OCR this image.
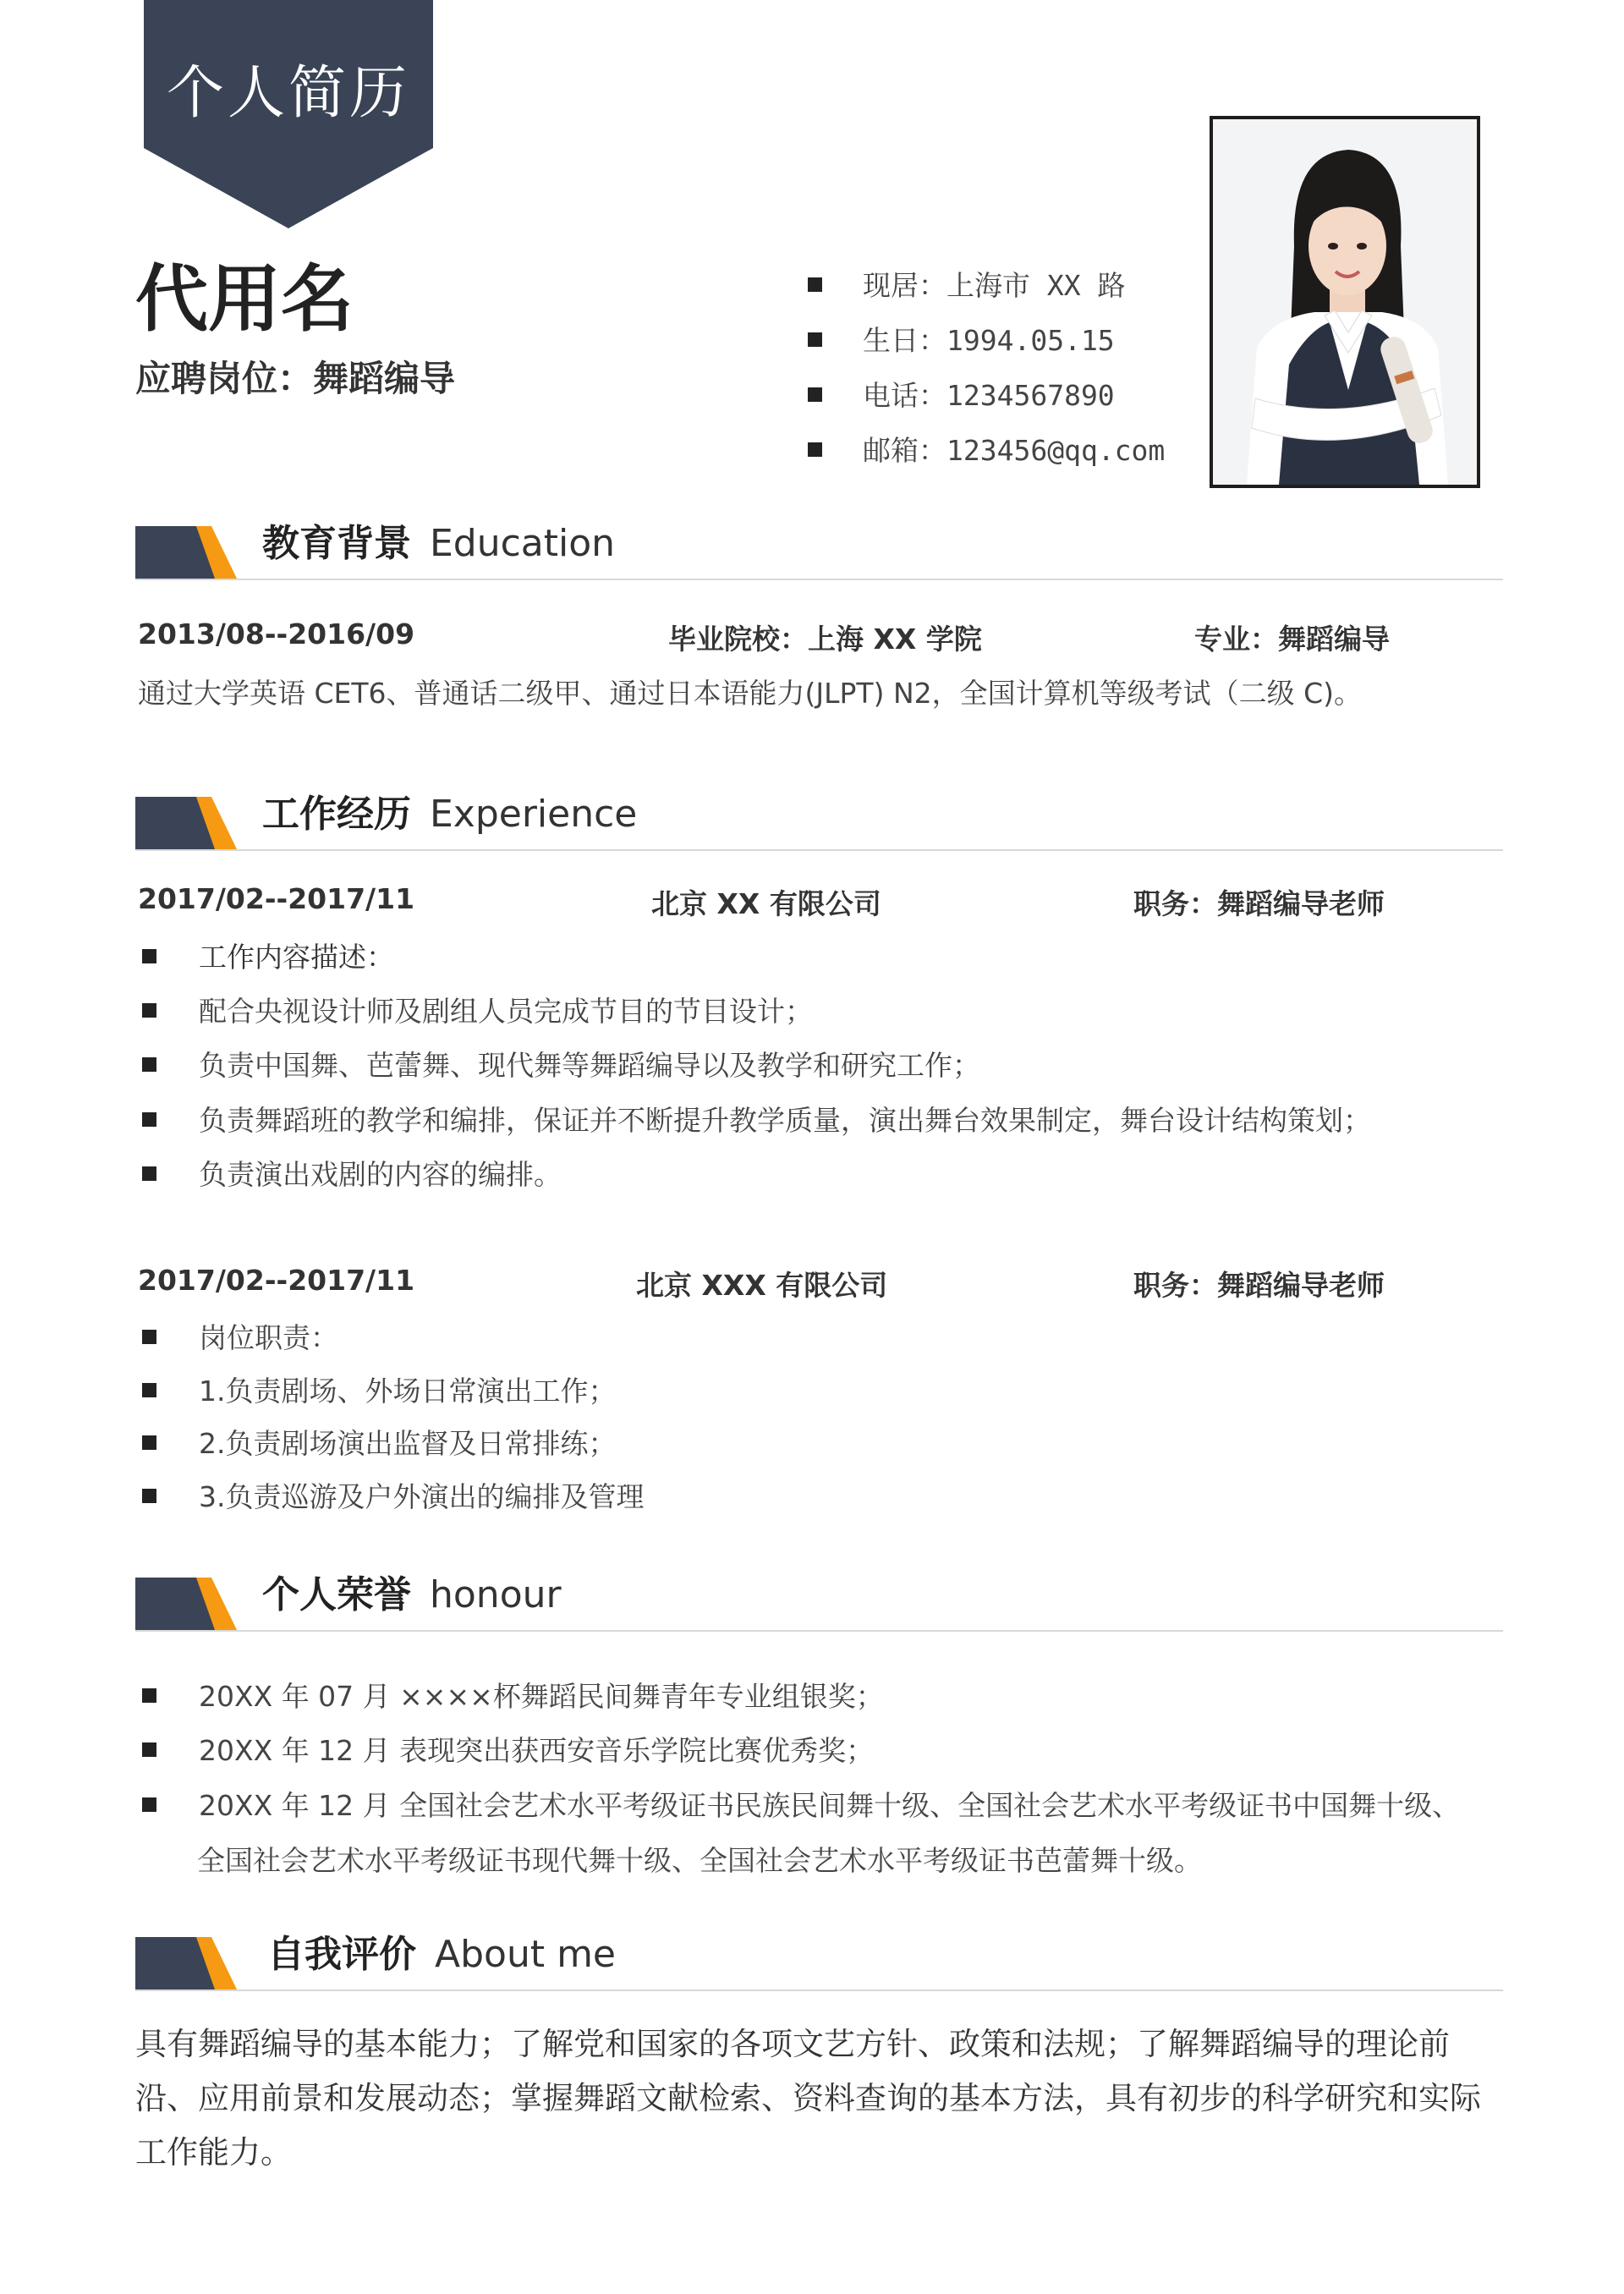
个人简历
代用名
应聘岗位：舞蹈编导
现居：上海市 XX 路
生日：1994.05.15
电话：1234567890
邮箱：123456@qq.com
教育背景 Education
2013/08--2016/09	毕业院校：上海 XX 学院	专业：舞蹈编导
通过大学英语 CET6、普通话二级甲、通过日本语能力(JLPT) N2，全国计算机等级考试（二级 C)。
工作经历 Experience
2017/02--2017/11	北京 XX 有限公司	职务：舞蹈编导老师
工作内容描述：
配合央视设计师及剧组人员完成节目的节目设计；
负责中国舞、芭蕾舞、现代舞等舞蹈编导以及教学和研究工作；
负责舞蹈班的教学和编排，保证并不断提升教学质量，演出舞台效果制定，舞台设计结构策划；
负责演出戏剧的内容的编排。
2017/02--2017/11	北京 XXX 有限公司	职务：舞蹈编导老师
岗位职责：
1.负责剧场、外场日常演出工作；
2.负责剧场演出监督及日常排练；
3.负责巡游及户外演出的编排及管理
个人荣誉 honour
20XX 年 07 月 ××××杯舞蹈民间舞青年专业组银奖；
20XX 年 12 月 表现突出获西安音乐学院比赛优秀奖；
20XX 年 12 月 全国社会艺术水平考级证书民族民间舞十级、全国社会艺术水平考级证书中国舞十级、
全国社会艺术水平考级证书现代舞十级、全国社会艺术水平考级证书芭蕾舞十级。
自我评价 About me
具有舞蹈编导的基本能力；了解党和国家的各项文艺方针、政策和法规；了解舞蹈编导的理论前沿、应用前景和发展动态；掌握舞蹈文献检索、资料查询的基本方法，具有初步的科学研究和实际工作能力。
